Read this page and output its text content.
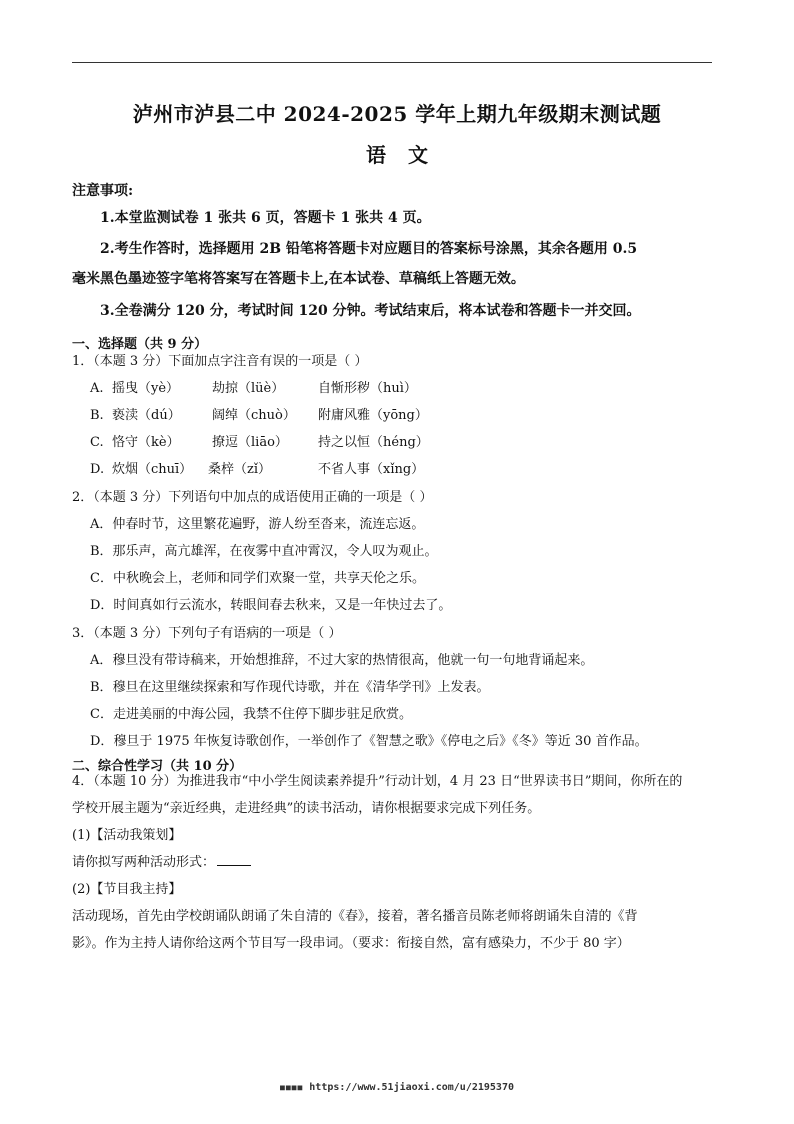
泸州市泸县二中 2024-2025 学年上期九年级期末测试题
语文
注意事项:
1.本堂监测试卷 1 张共 6 页，答题卡 1 张共 4 页。
2.考生作答时，选择题用 2B 铅笔将答题卡对应题目的答案标号涂黑，其余各题用 0.5
毫米黑色墨迹签字笔将答案写在答题卡上,在本试卷、草稿纸上答题无效。
3.全卷满分 120 分，考试时间 120 分钟。考试结束后，将本试卷和答题卡一并交回。
一、选择题（共 9 分）
1．（本题 3 分）下面加点字注音有误的一项是（ ）
A. 摇曳（yè）	劫掠（lüè）	自惭形秽（huì）
B. 亵渎（dú） 阔绰（chuò） 附庸风雅（yōng）
C. 恪守（kè） 撩逗（liāo） 持之以恒（héng）
D. 炊烟（chuī） 桑梓（zǐ）	不省人事（xǐng）
2．（本题 3 分）下列语句中加点的成语使用正确的一项是（ ）
A．仲春时节，这里繁花遍野，游人纷至沓来，流连忘返。
B．那乐声，高亢雄浑，在夜雾中直冲霄汉，令人叹为观止。
C．中秋晚会上，老师和同学们欢聚一堂，共享天伦之乐。
D．时间真如行云流水，转眼间春去秋来，又是一年快过去了。
3．（本题 3 分）下列句子有语病的一项是（ ）
A．穆旦没有带诗稿来，开始想推辞，不过大家的热情很高，他就一句一句地背诵起来。
B．穆旦在这里继续探索和写作现代诗歌，并在《清华学刊》上发表。
C．走进美丽的中海公园，我禁不住停下脚步驻足欣赏。
D．穆旦于 1975 年恢复诗歌创作，一举创作了《智慧之歌》《停电之后》《冬》等近 30 首作品。
二、综合性学习（共 10 分）
4．（本题 10 分）为推进我市“中小学生阅读素养提升”行动计划，4 月 23 日“世界读书日”期间，你所在的
学校开展主题为“亲近经典，走进经典”的读书活动，请你根据要求完成下列任务。
(1)【活动我策划】
请你拟写两种活动形式：
(2)【节目我主持】
活动现场，首先由学校朗诵队朗诵了朱自清的《春》，接着，著名播音员陈老师将朗诵朱自清的《背
影》。作为主持人请你给这两个节目写一段串词。（要求：衔接自然，富有感染力，不少于 80 字）
■■■■ https://www.51jiaoxi.com/u/2195370
